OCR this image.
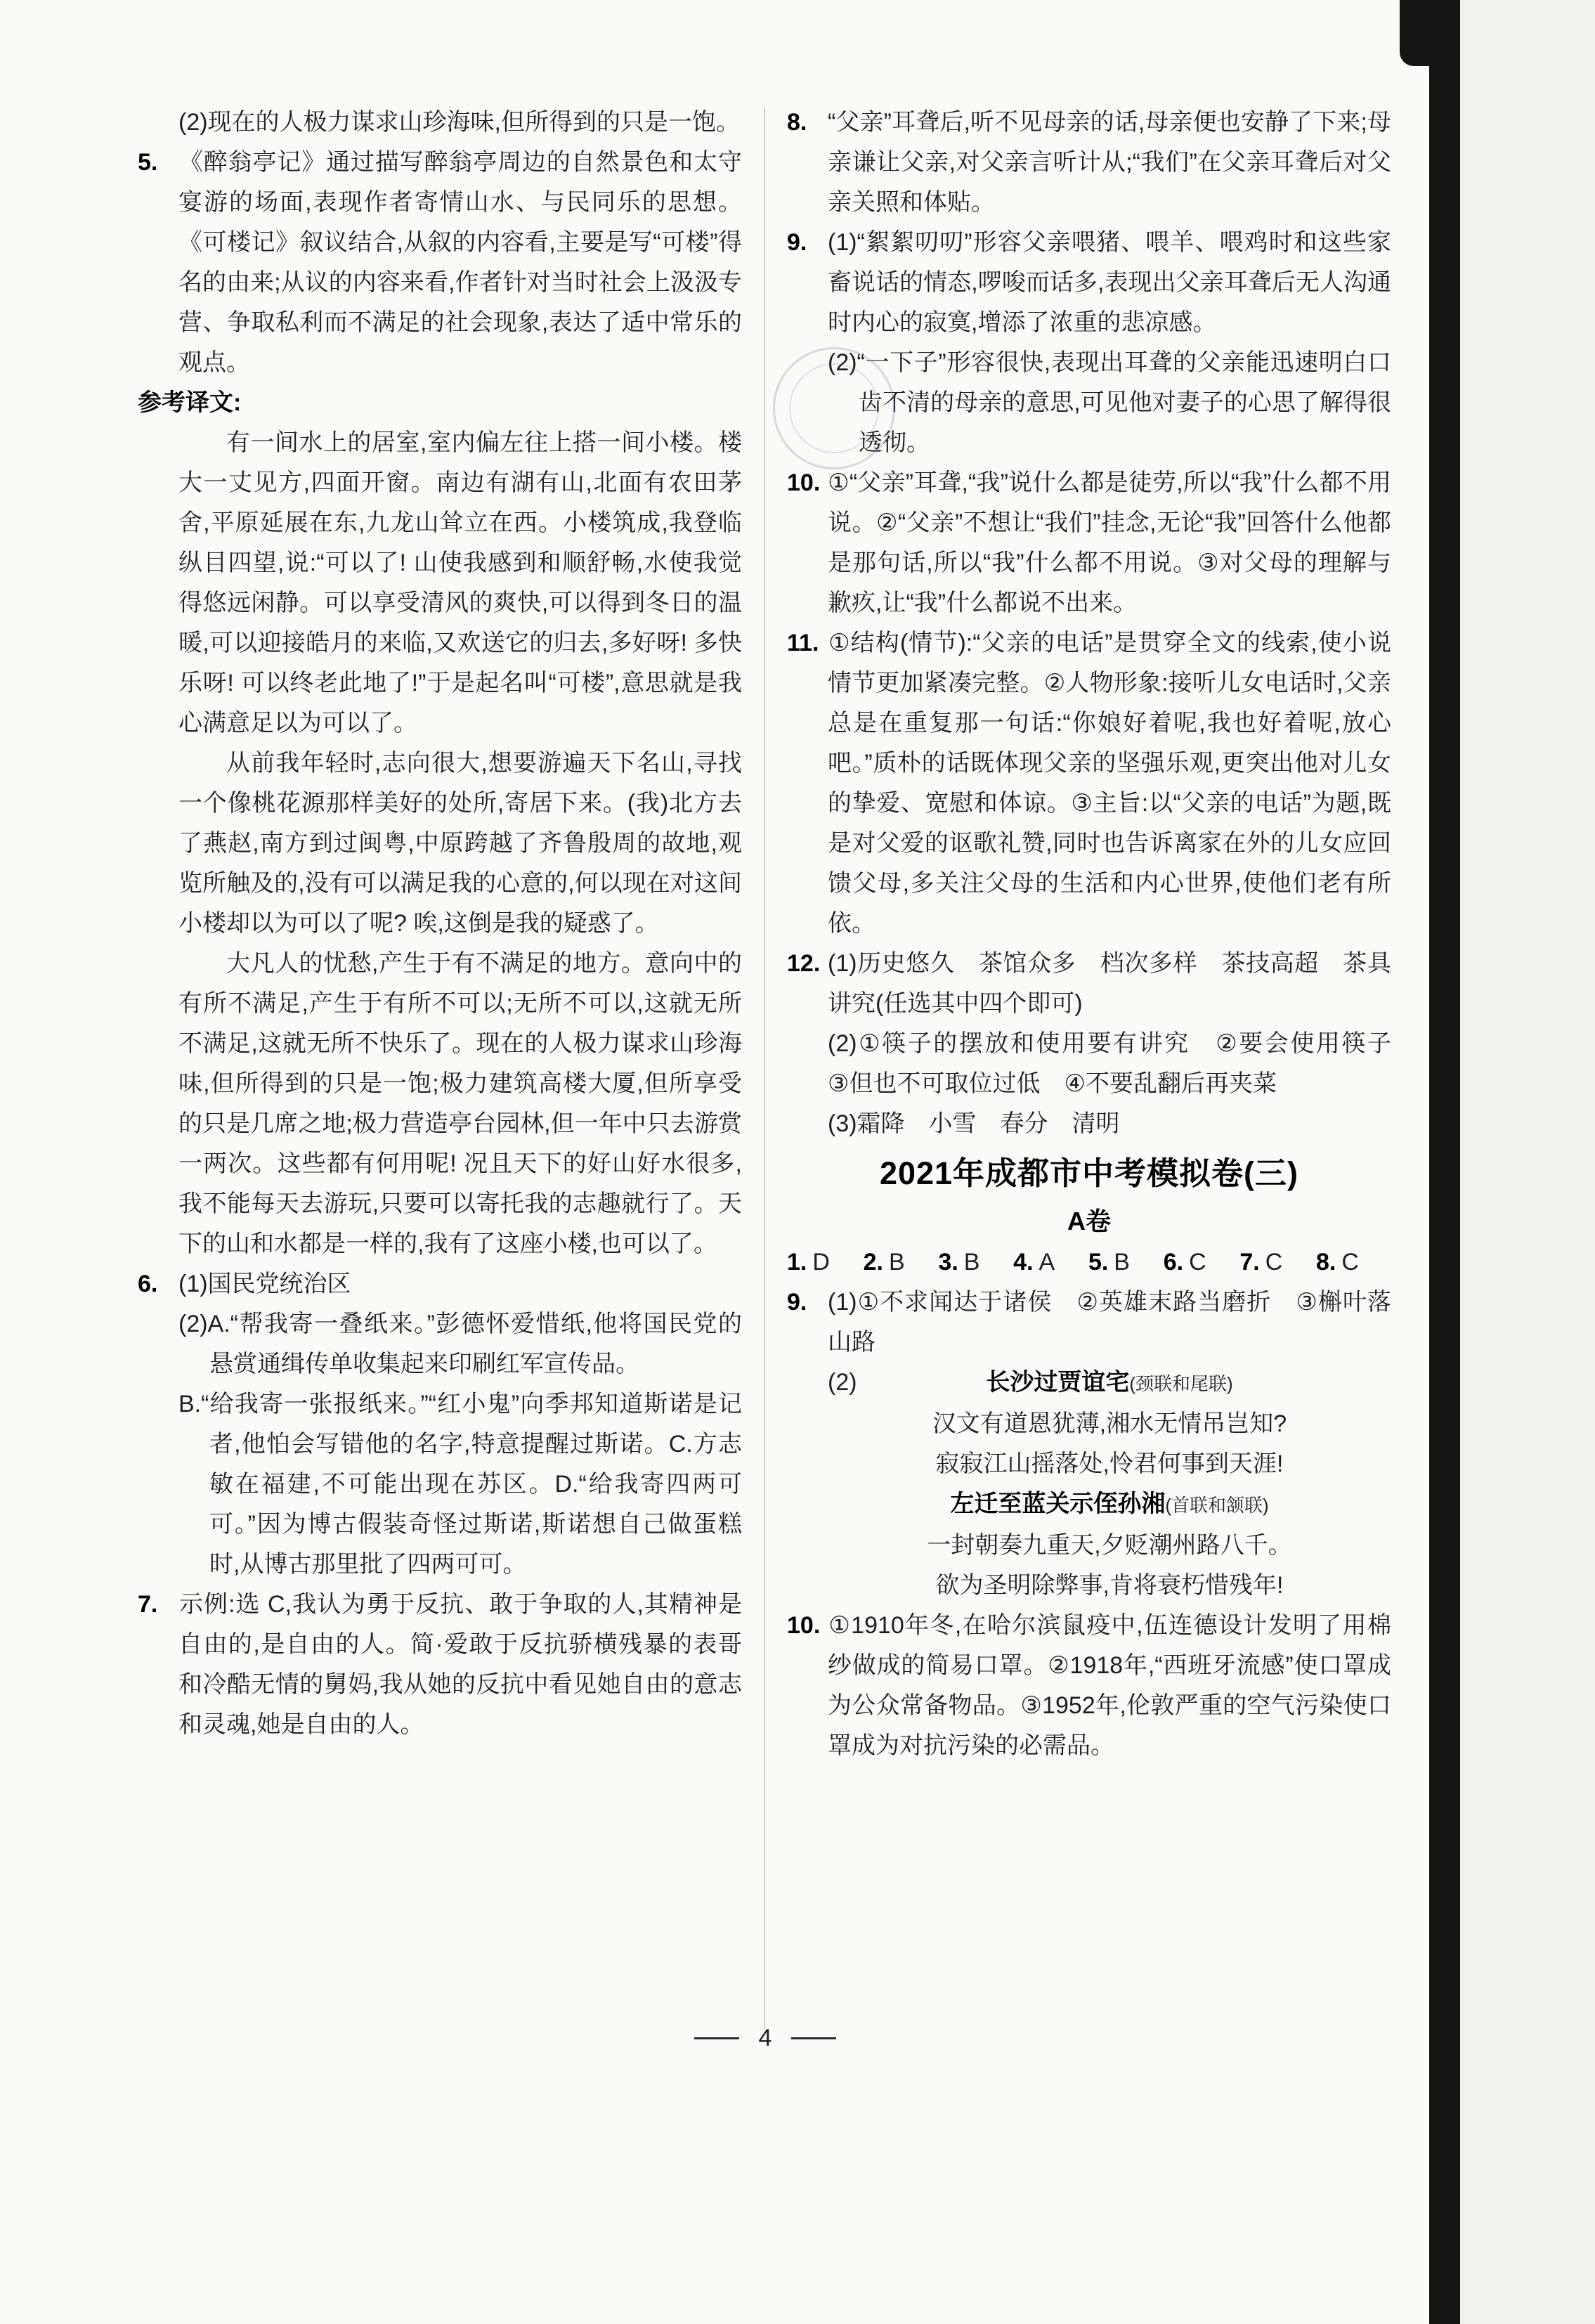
(2)现在的人极力谋求山珍海味,但所得到的只是一饱。
5. 《醉翁亭记》通过描写醉翁亭周边的自然景色和太守宴游的场面,表现作者寄情山水、与民同乐的思想。《可楼记》叙议结合,从叙的内容看,主要是写“可楼”得名的由来;从议的内容来看,作者针对当时社会上汲汲专营、争取私利而不满足的社会现象,表达了适中常乐的观点。
参考译文:
有一间水上的居室,室内偏左往上搭一间小楼。楼大一丈见方,四面开窗。南边有湖有山,北面有农田茅舍,平原延展在东,九龙山耸立在西。小楼筑成,我登临纵目四望,说:“可以了! 山使我感到和顺舒畅,水使我觉得悠远闲静。可以享受清风的爽快,可以得到冬日的温暖,可以迎接皓月的来临,又欢送它的归去,多好呀! 多快乐呀! 可以终老此地了!”于是起名叫“可楼”,意思就是我心满意足以为可以了。
从前我年轻时,志向很大,想要游遍天下名山,寻找一个像桃花源那样美好的处所,寄居下来。(我)北方去了燕赵,南方到过闽粤,中原跨越了齐鲁殷周的故地,观览所触及的,没有可以满足我的心意的,何以现在对这间小楼却以为可以了呢? 唉,这倒是我的疑惑了。
大凡人的忧愁,产生于有不满足的地方。意向中的有所不满足,产生于有所不可以;无所不可以,这就无所不满足,这就无所不快乐了。现在的人极力谋求山珍海味,但所得到的只是一饱;极力建筑高楼大厦,但所享受的只是几席之地;极力营造亭台园林,但一年中只去游赏一两次。这些都有何用呢! 况且天下的好山好水很多,我不能每天去游玩,只要可以寄托我的志趣就行了。天下的山和水都是一样的,我有了这座小楼,也可以了。
6. (1)国民党统治区
(2)A.“帮我寄一叠纸来。”彭德怀爱惜纸,他将国民党的悬赏通缉传单收集起来印刷红军宣传品。
B.“给我寄一张报纸来。”“红小鬼”向季邦知道斯诺是记者,他怕会写错他的名字,特意提醒过斯诺。C.方志敏在福建,不可能出现在苏区。D.“给我寄四两可可。”因为博古假装奇怪过斯诺,斯诺想自己做蛋糕时,从博古那里批了四两可可。
7. 示例:选 C,我认为勇于反抗、敢于争取的人,其精神是自由的,是自由的人。简·爱敢于反抗骄横残暴的表哥和冷酷无情的舅妈,我从她的反抗中看见她自由的意志和灵魂,她是自由的人。
8. “父亲”耳聋后,听不见母亲的话,母亲便也安静了下来;母亲谦让父亲,对父亲言听计从;“我们”在父亲耳聋后对父亲关照和体贴。
9. (1)“絮絮叨叨”形容父亲喂猪、喂羊、喂鸡时和这些家畜说话的情态,啰唆而话多,表现出父亲耳聋后无人沟通时内心的寂寞,增添了浓重的悲凉感。
(2)“一下子”形容很快,表现出耳聋的父亲能迅速明白口齿不清的母亲的意思,可见他对妻子的心思了解得很透彻。
10. ①“父亲”耳聋,“我”说什么都是徒劳,所以“我”什么都不用说。②“父亲”不想让“我们”挂念,无论“我”回答什么他都是那句话,所以“我”什么都不用说。③对父母的理解与歉疚,让“我”什么都说不出来。
11. ①结构(情节):“父亲的电话”是贯穿全文的线索,使小说情节更加紧凑完整。②人物形象:接听儿女电话时,父亲总是在重复那一句话:“你娘好着呢,我也好着呢,放心吧。”质朴的话既体现父亲的坚强乐观,更突出他对儿女的挚爱、宽慰和体谅。③主旨:以“父亲的电话”为题,既是对父爱的讴歌礼赞,同时也告诉离家在外的儿女应回馈父母,多关注父母的生活和内心世界,使他们老有所依。
12. (1)历史悠久　茶馆众多　档次多样　茶技高超　茶具讲究(任选其中四个即可)
(2)①筷子的摆放和使用要有讲究　②要会使用筷子　③但也不可取位过低　④不要乱翻后再夹菜
(3)霜降　小雪　春分　清明
2021年成都市中考模拟卷(三)
A卷
1. D 2. B 3. B 4. A 5. B 6. C 7. C 8. C
9. (1)①不求闻达于诸侯　②英雄末路当磨折　③槲叶落山路
(2)	长沙过贾谊宅(颈联和尾联)
汉文有道恩犹薄,湘水无情吊岂知?
寂寂江山摇落处,怜君何事到天涯!
左迁至蓝关示侄孙湘(首联和颔联)
一封朝奏九重天,夕贬潮州路八千。
欲为圣明除弊事,肯将衰朽惜残年!
10. ①1910年冬,在哈尔滨鼠疫中,伍连德设计发明了用棉纱做成的简易口罩。②1918年,“西班牙流感”使口罩成为公众常备物品。③1952年,伦敦严重的空气污染使口罩成为对抗污染的必需品。
4
